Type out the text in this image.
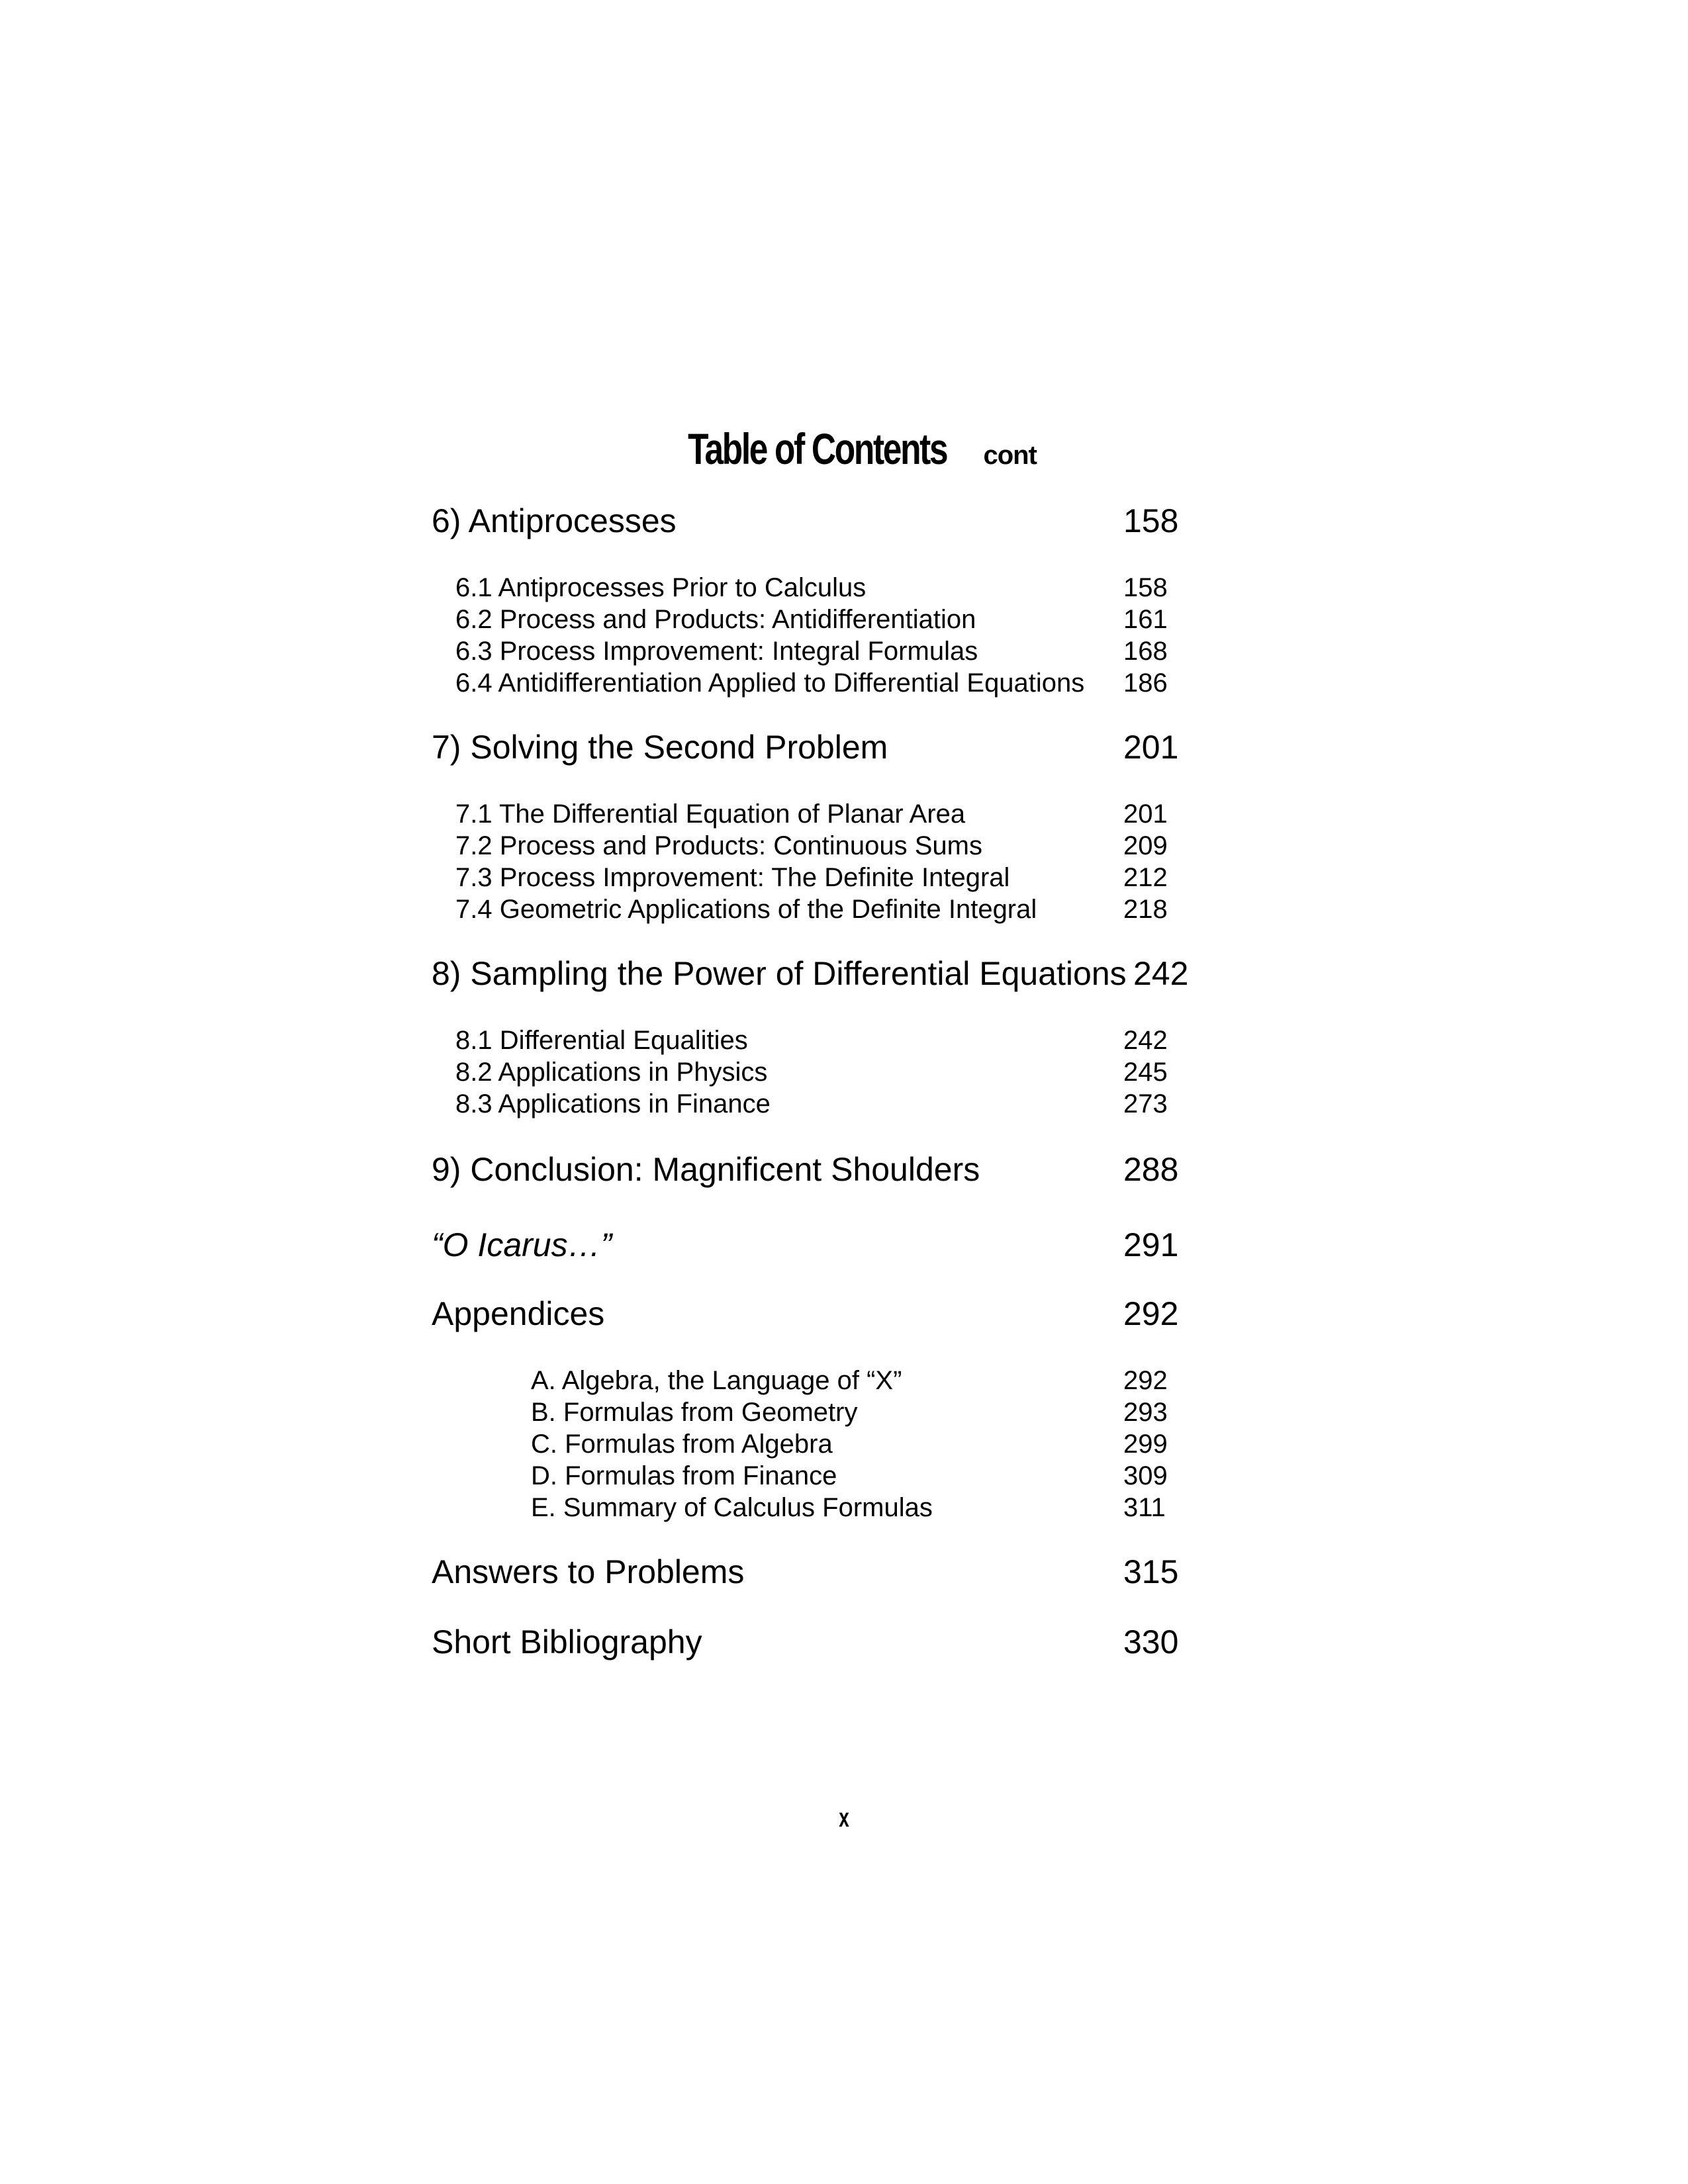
Table of Contents cont
6) Antiprocesses	158
6.1 Antiprocesses Prior to Calculus	158
6.2 Process and Products: Antidifferentiation	161
6.3 Process Improvement: Integral Formulas	168
6.4 Antidifferentiation Applied to Differential Equations 186
7) Solving the Second Problem	201
7.1 The Differential Equation of Planar Area	201
7.2 Process and Products: Continuous Sums	209
7.3 Process Improvement: The Definite Integral	212
7.4 Geometric Applications of the Definite Integral	218
8) Sampling the Power of Differential Equations 242
8.1 Differential Equalities	242
8.2 Applications in Physics	245
8.3 Applications in Finance	273
9) Conclusion: Magnificent Shoulders	288
“O Icarus…”	291
Appendices	292
A. Algebra, the Language of “X”	292
B. Formulas from Geometry	293
C. Formulas from Algebra	299
D. Formulas from Finance	309
E. Summary of Calculus Formulas	311
Answers to Problems	315
Short Bibliography	330
x
